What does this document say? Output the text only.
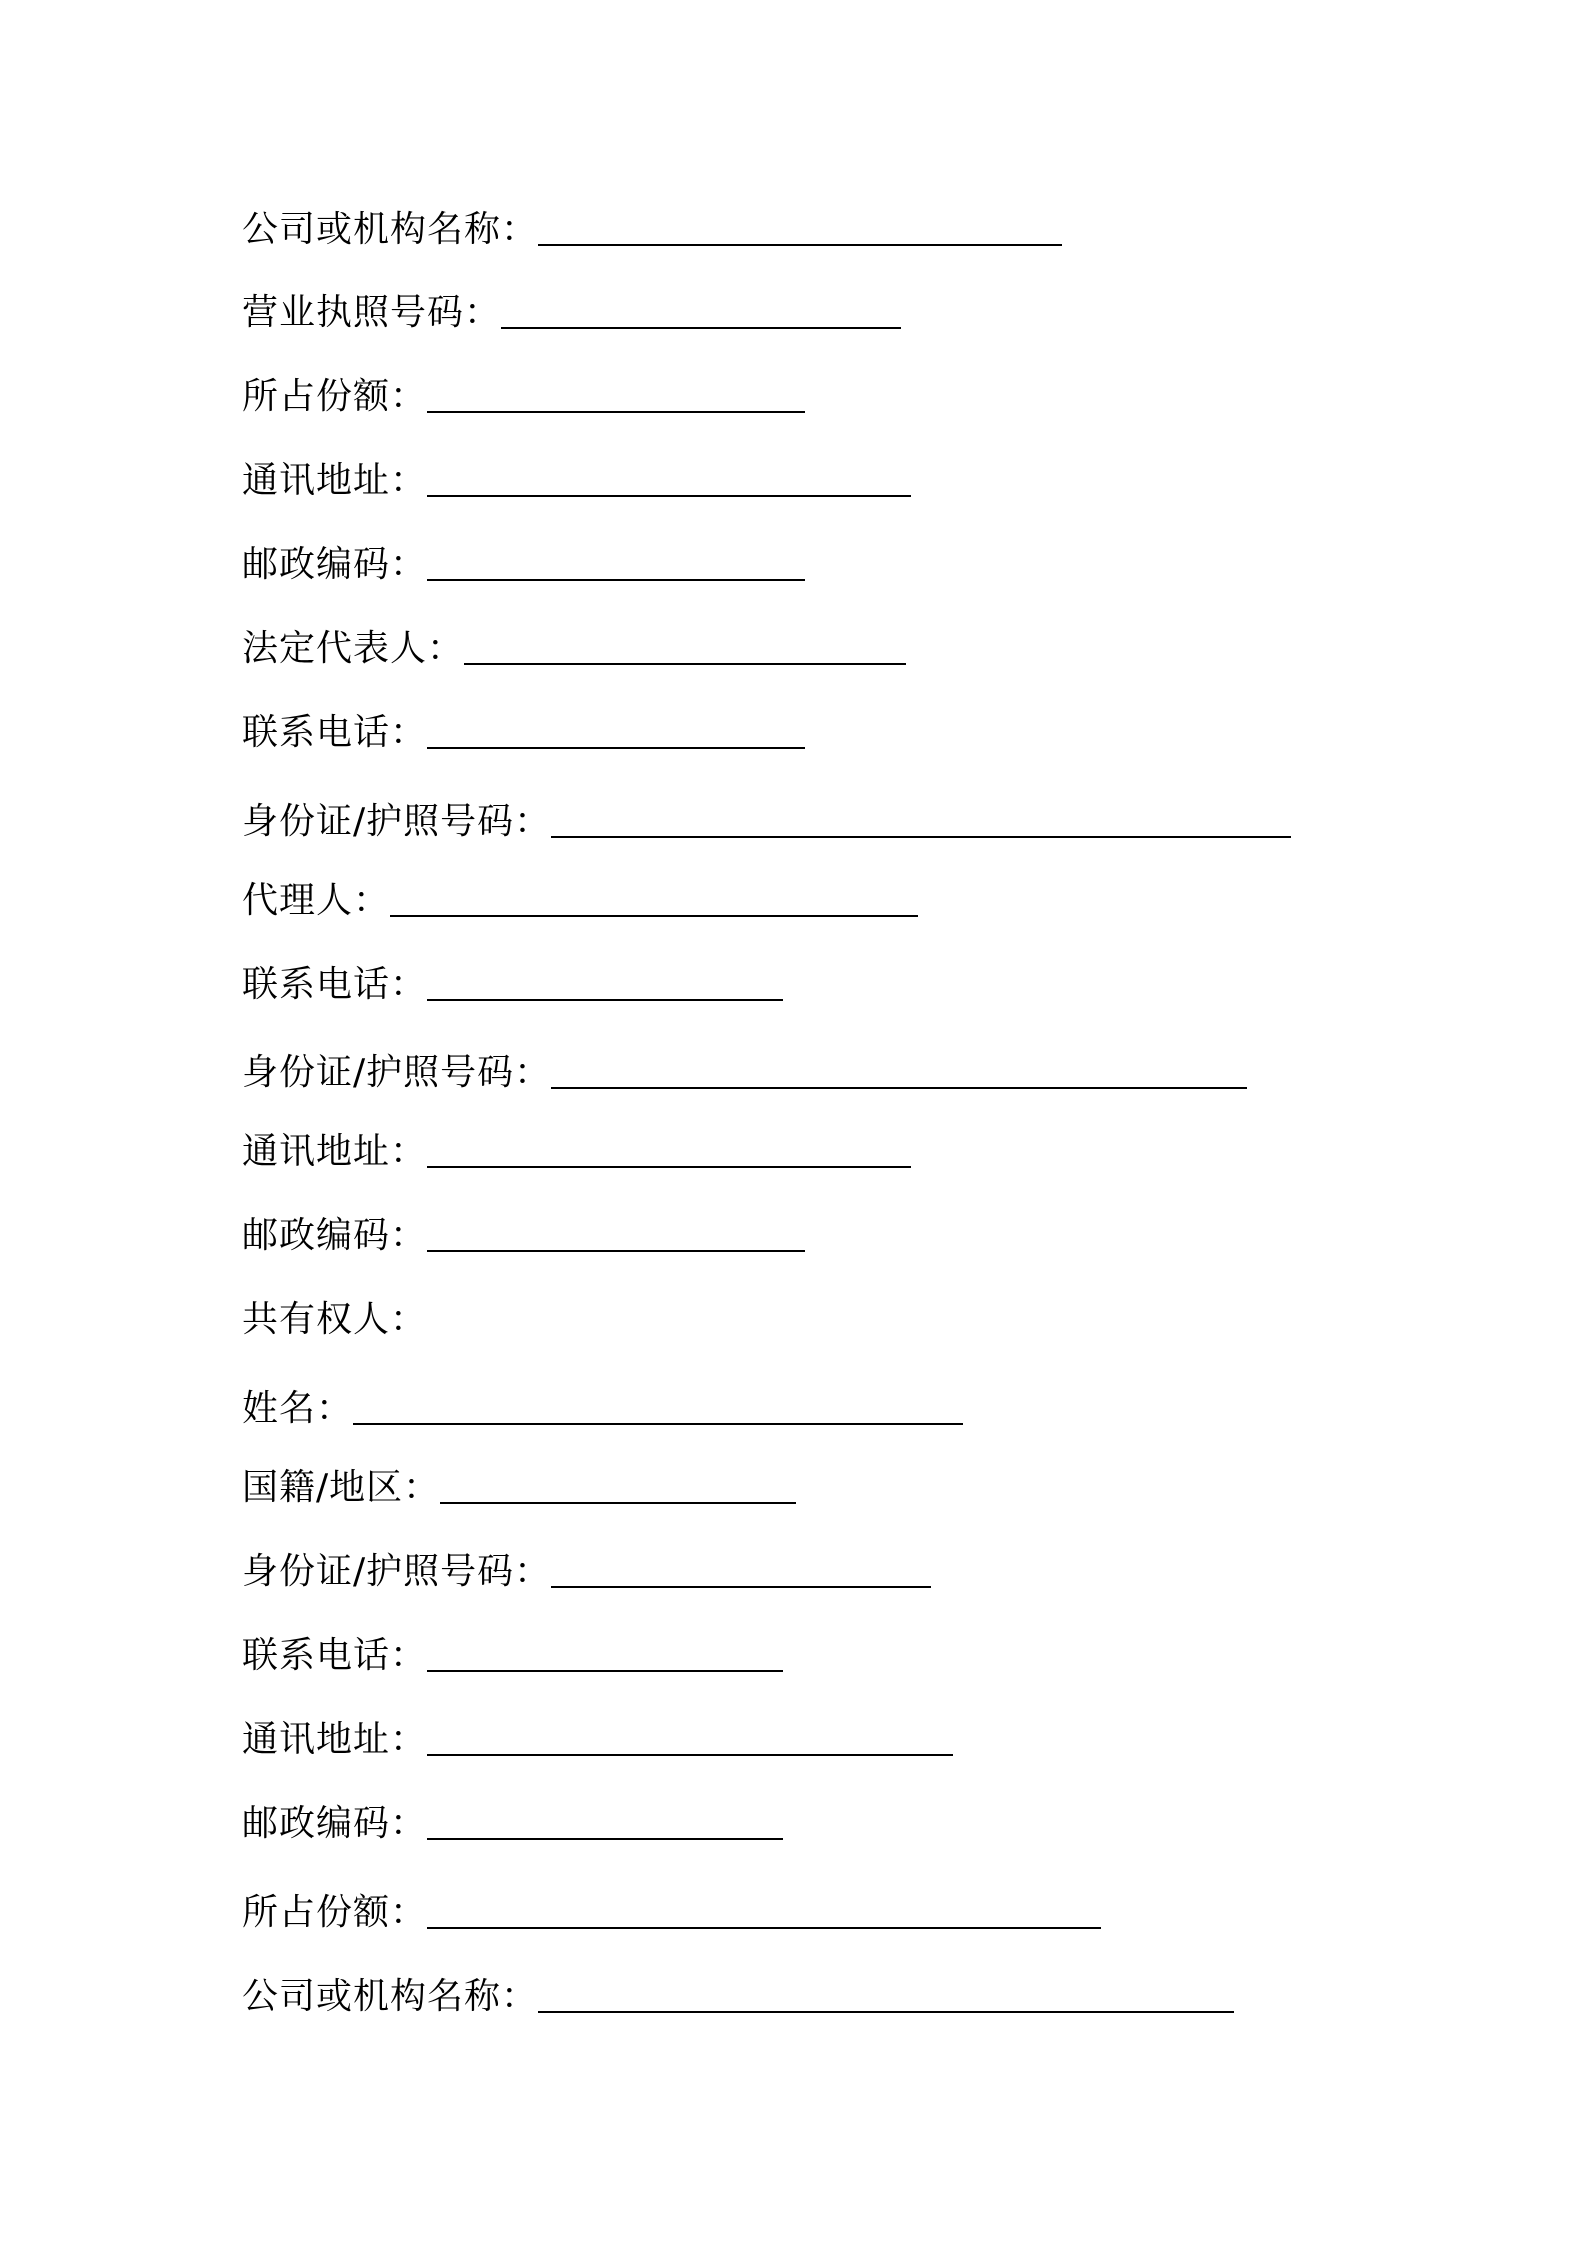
公司或机构名称：
营业执照号码：
所占份额：
通讯地址：
邮政编码：
法定代表人：
联系电话：
身份证/护照号码：
代理人：
联系电话：
身份证/护照号码：
通讯地址：
邮政编码：
共有权人：
姓名：
国籍/地区：
身份证/护照号码：
联系电话：
通讯地址：
邮政编码：
所占份额：
公司或机构名称：
